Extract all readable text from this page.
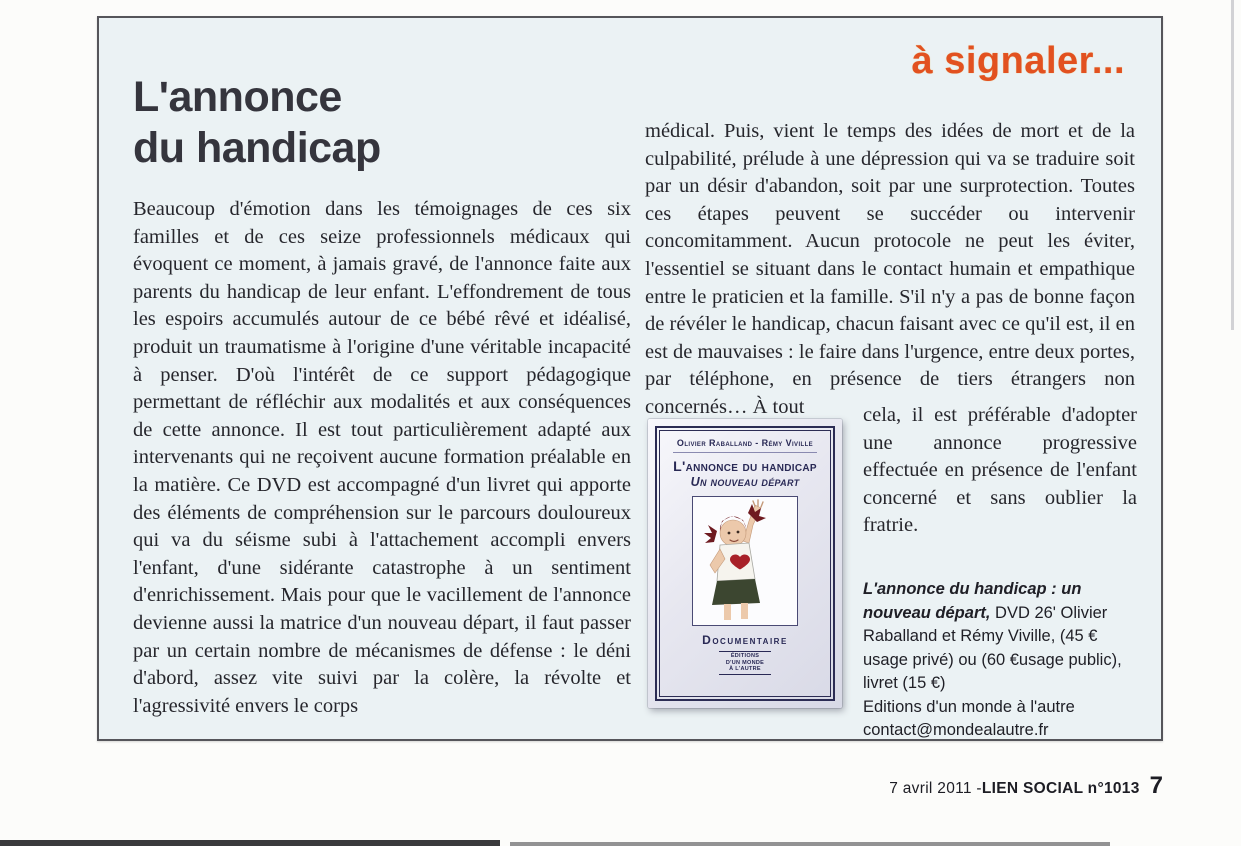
à signaler...
L'annonce
du handicap

Beaucoup d'émotion dans les témoignages de ces six familles et de ces seize professionnels médicaux qui évoquent ce moment, à jamais gravé, de l'annonce faite aux parents du handicap de leur enfant. L'effondrement de tous les espoirs accumulés autour de ce bébé rêvé et idéalisé, produit un traumatisme à l'origine d'une véritable incapacité à penser. D'où l'intérêt de ce support pédagogique permettant de réfléchir aux modalités et aux conséquences de cette annonce. Il est tout particulièrement adapté aux intervenants qui ne reçoivent aucune formation préalable en la matière. Ce DVD est accompagné d'un livret qui apporte des éléments de compréhension sur le parcours douloureux qui va du séisme subi à l'attachement accompli envers l'enfant, d'une sidérante catastrophe à un sentiment d'enrichissement. Mais pour que le vacillement de l'annonce devienne aussi la matrice d'un nouveau départ, il faut passer par un certain nombre de mécanismes de défense : le déni d'abord, assez vite suivi par la colère, la révolte et l'agressivité envers le corps

médical. Puis, vient le temps des idées de mort et de la culpabilité, prélude à une dépression qui va se traduire soit par un désir d'abandon, soit par une surprotection. Toutes ces étapes peuvent se succéder ou intervenir concomitamment. Aucun protocole ne peut les éviter, l'essentiel se situant dans le contact humain et empathique entre le praticien et la famille. S'il n'y a pas de bonne façon de révéler le handicap, chacun faisant avec ce qu'il est, il en est de mauvaises : le faire dans l'urgence, entre deux portes, par téléphone, en présence de tiers étrangers non concernés… À tout

Olivier Raballand - Rémy Viville
L'annonce du handicap
Un nouveau départ
Documentaire
ÉDITIONS
D'UN MONDE
À L'AUTRE

cela, il est préférable d'adopter une annonce progressive effectuée en présence de l'enfant concerné et sans oublier la fratrie.

L'annonce du handicap : un nouveau départ, DVD 26' Olivier Raballand et Rémy Viville, (45 € usage privé) ou (60 €usage public), livret (15 €)
Editions d'un monde à l'autre
contact@mondealautre.fr
7 avril 2011 - LIEN SOCIAL n°1013 7
